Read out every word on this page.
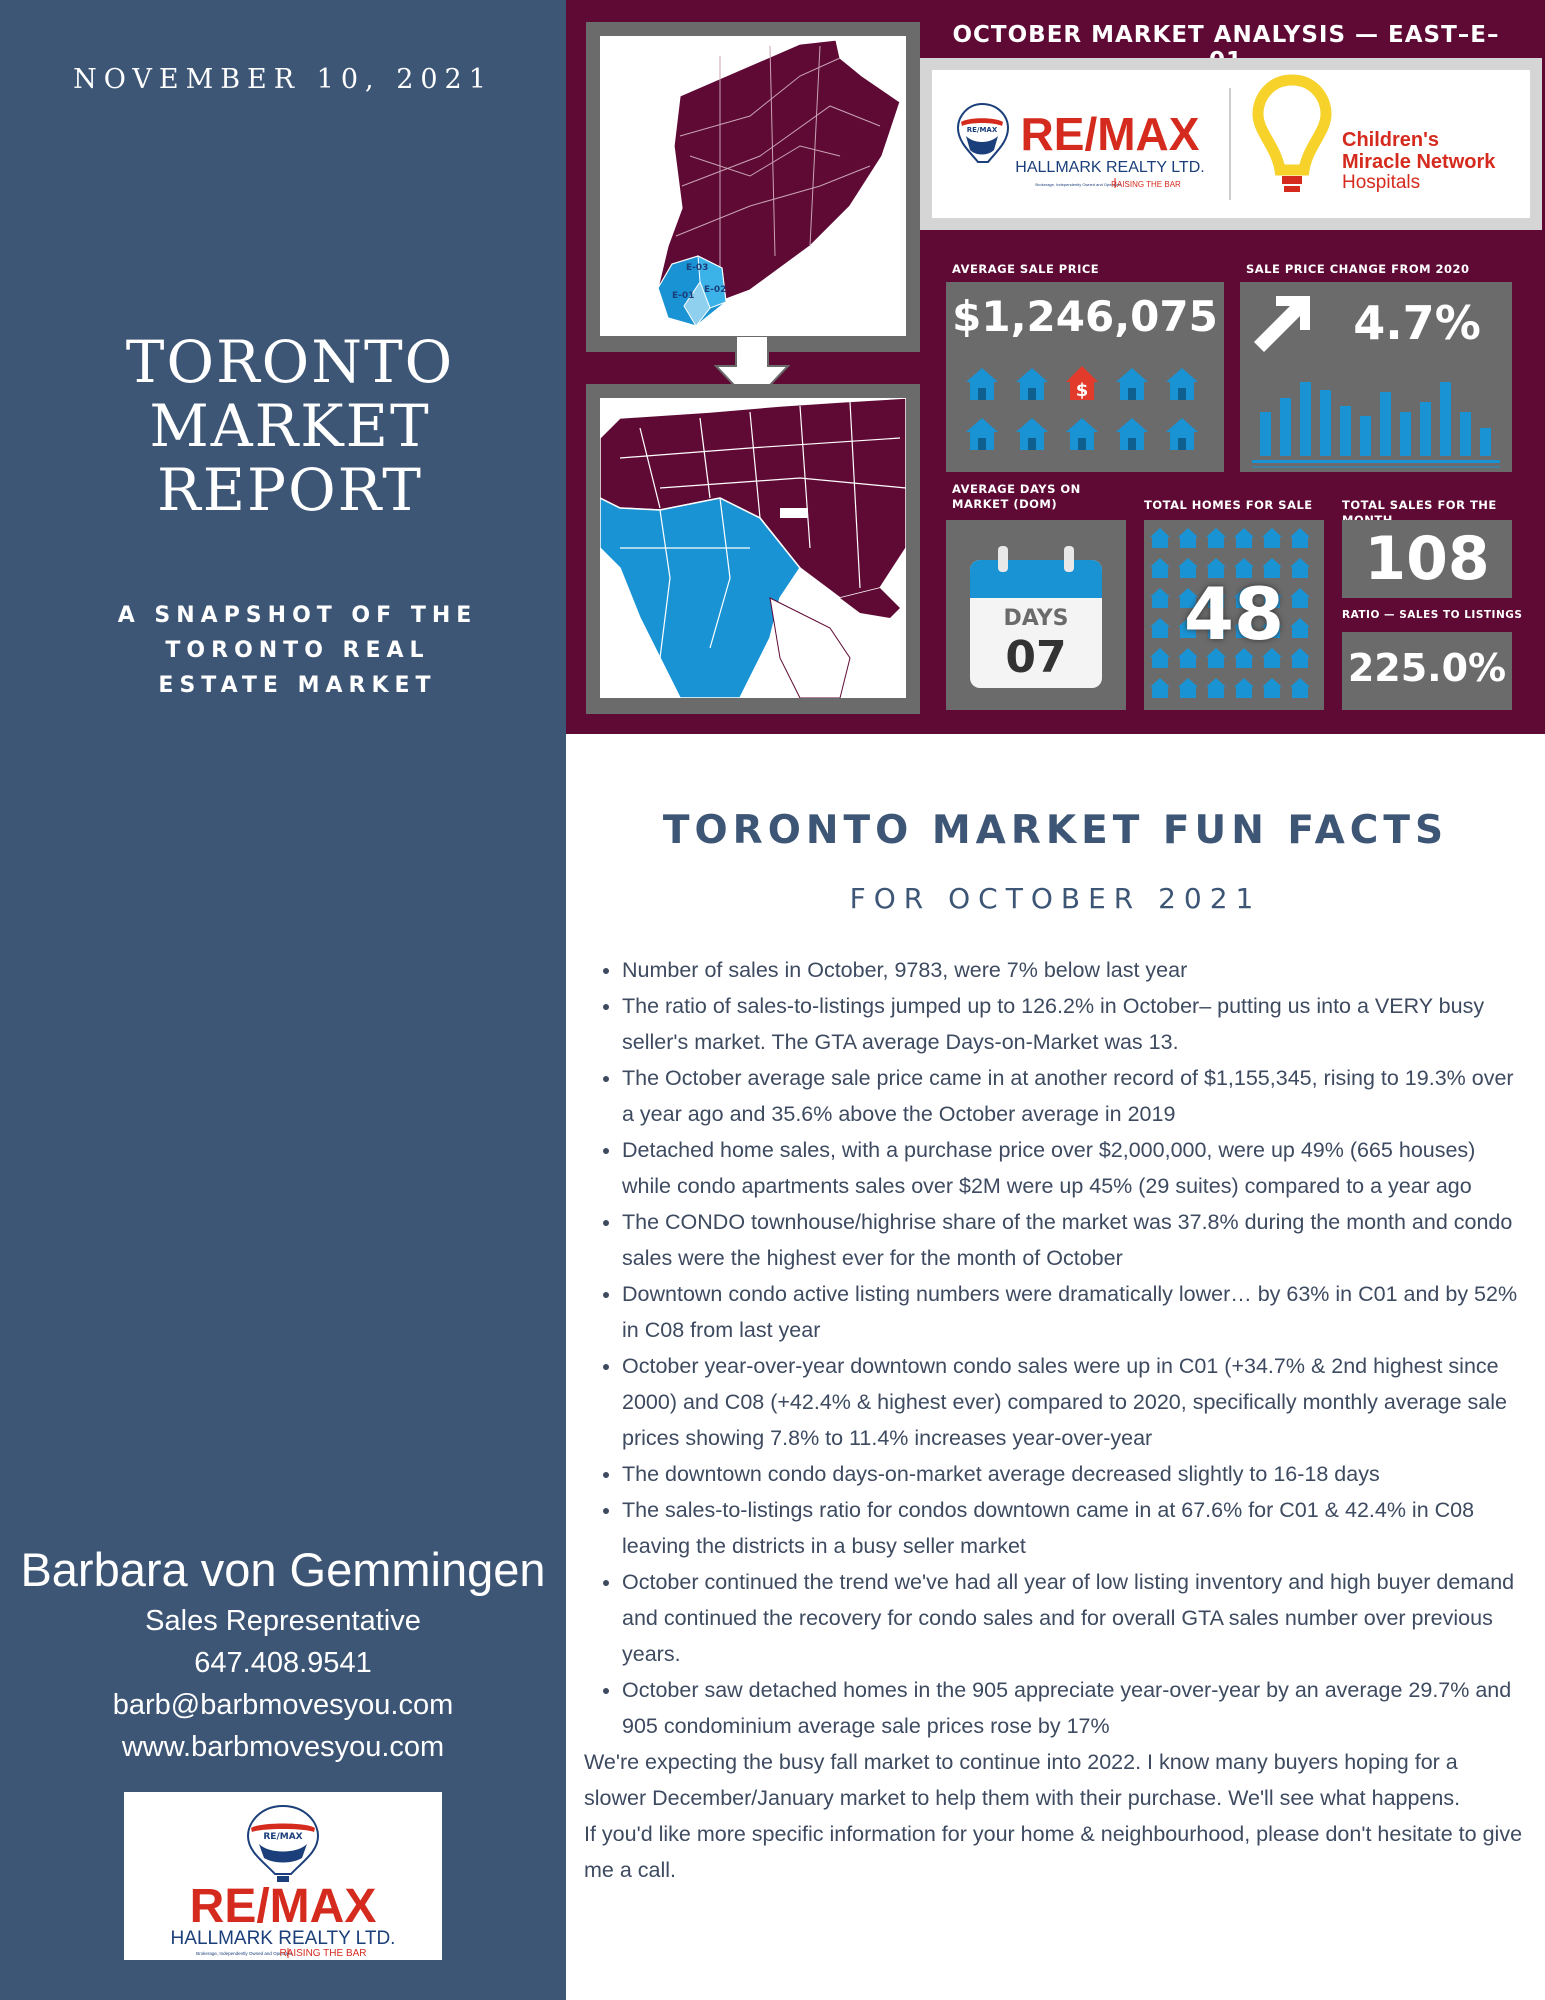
NOVEMBER 10, 2021
TORONTO
MARKET
REPORT
A SNAPSHOT OF THE
TORONTO REAL
ESTATE MARKET
Barbara von Gemmingen
Sales Representative
647.408.9541
barb@barbmovesyou.com
www.barbmovesyou.com
RE/MAX
RE/MAX
HALLMARK REALTY LTD.
Brokerage, Independently Owned and Operated
RAISING THE BAR
E-03
E-02
E-01
OCTOBER MARKET ANALYSIS — EAST–E–
RE/MAX RE/MAX
HALLMARK REALTY LTD.
Brokerage, Independently Owned and Operated
RAISING THE BAR
Children's
Miracle Network
Hospitals
AVERAGE SALE PRICE
$1,246,075
$
SALE PRICE CHANGE FROM 2020
4.7%
AVERAGE DAYS ON
MARKET (DOM)
DAYS
07
TOTAL HOMES FOR SALE
48
TOTAL SALES FOR THE
108
RATIO — SALES TO LISTINGS
225.0%
TORONTO MARKET FUN FACTS
FOR OCTOBER 2021
• Number of sales in October, 9783, were 7% below last year
• The ratio of sales-to-listings jumped up to 126.2% in October– putting us into a VERY busy seller's market. The GTA average Days-on-Market was 13.
• The October average sale price came in at another record of $1,155,345, rising to 19.3% over a year ago and 35.6% above the October average in 2019
• Detached home sales, with a purchase price over $2,000,000, were up 49% (665 houses) while condo apartments sales over $2M were up 45% (29 suites) compared to a year ago
• The CONDO townhouse/highrise share of the market was 37.8% during the month and condo sales were the highest ever for the month of October
• Downtown condo active listing numbers were dramatically lower… by 63% in C01 and by 52% in C08 from last year
• October year-over-year downtown condo sales were up in C01 (+34.7% & 2nd highest since 2000) and C08 (+42.4% & highest ever) compared to 2020, specifically monthly average sale prices showing 7.8% to 11.4% increases year-over-year
• The downtown condo days-on-market average decreased slightly to 16-18 days
• The sales-to-listings ratio for condos downtown came in at 67.6% for C01 & 42.4% in C08 leaving the districts in a busy seller market
• October continued the trend we've had all year of low listing inventory and high buyer demand and continued the recovery for condo sales and for overall GTA sales number over previous years.
• October saw detached homes in the 905 appreciate year-over-year by an average 29.7% and 905 condominium average sale prices rose by 17%

We're expecting the busy fall market to continue into 2022. I know many buyers hoping for a slower December/January market to help them with their purchase. We'll see what happens.

If you'd like more specific information for your home & neighbourhood, please don't hesitate to give me a call.
